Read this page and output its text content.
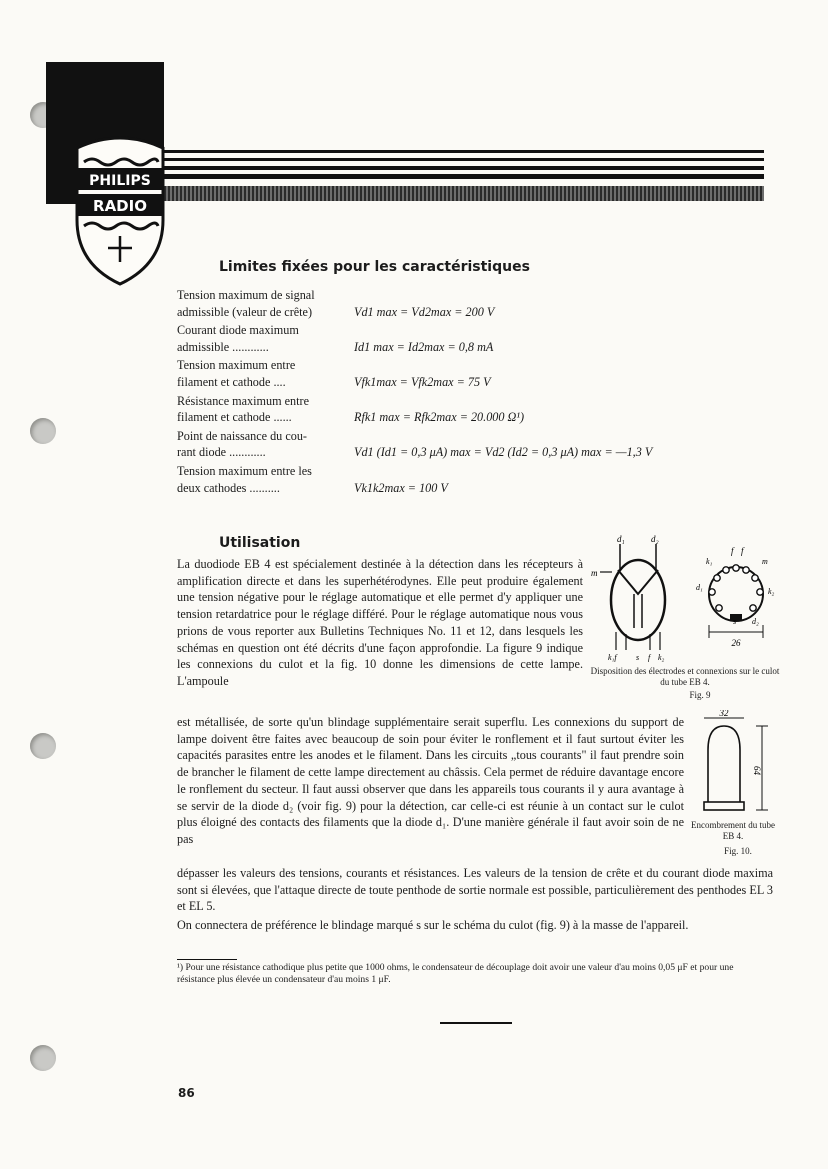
PHILIPS
RADIO
Limites fixées pour les caractéristiques
Tension maximum de signal
admissible (valeur de crête)	Vd1 max = Vd2max = 200 V
Courant diode maximum
admissible ............	Id1 max = Id2max = 0,8 mA
Tension maximum entre
filament et cathode ....	Vfk1max = Vfk2max = 75 V
Résistance maximum entre
filament et cathode ......	Rfk1 max = Rfk2max = 20.000 Ω¹)
Point de naissance du cou-
rant diode ............	Vd1 (Id1 = 0,3 μA) max = Vd2 (Id2 = 0,3 μA) max = —1,3 V
Tension maximum entre les
deux cathodes ..........	Vk1k2max = 100 V
Utilisation

La duodiode EB 4 est spécialement destinée à la détection dans les récepteurs à amplification directe et dans les superhétérodynes. Elle peut produire également une tension négative pour le réglage automatique et elle permet d'y appliquer une tension retardatrice pour le réglage différé. Pour le réglage automatique nous vous prions de vous reporter aux Bulletins Techniques No. 11 et 12, dans lesquels les schémas en question ont été décrits d'une façon approfondie. La figure 9 indique les connexions du culot et la fig. 10 donne les dimensions de cette lampe. L'ampoule

est métallisée, de sorte qu'un blindage supplémentaire serait superflu. Les connexions du support de lampe doivent être faites avec beaucoup de soin pour éviter le ronflement et il faut surtout éviter les capacités parasites entre les anodes et le filament. Dans les circuits „tous courants" il faut prendre soin de brancher le filament de cette lampe directement au châssis. Cela permet de réduire davantage encore le ronflement du secteur. Il faut aussi observer que dans les appareils tous courants il y aura avantage à se servir de la diode d₂ (voir fig. 9) pour la détection, car celle-ci est réunie à un contact sur le culot plus éloigné des contacts des filaments que la diode d₁. D'une manière générale il faut avoir soin de ne pas

dépasser les valeurs des tensions, courants et résistances. Les valeurs de la tension de crête et du courant diode maxima sont si élevées, que l'attaque directe de toute penthode de sortie normale est possible, particulièrement des penthodes EL 3 et EL 5.

On connectera de préférence le blindage marqué s sur le schéma du culot (fig. 9) à la masse de l'appareil.

d₁	d₂
m
k₁f s f k₂
f f
k₁	m
d₁	k₂
s d₂
26
Disposition des électrodes et connexions sur le culot du tube EB 4.
Fig. 9
32
64
Encombrement du tube EB 4.
Fig. 10.
¹) Pour une résistance cathodique plus petite que 1000 ohms, le condensateur de découplage doit avoir une valeur d'au moins 0,05 μF et pour une résistance plus élevée un condensateur d'au moins 1 μF.
86
